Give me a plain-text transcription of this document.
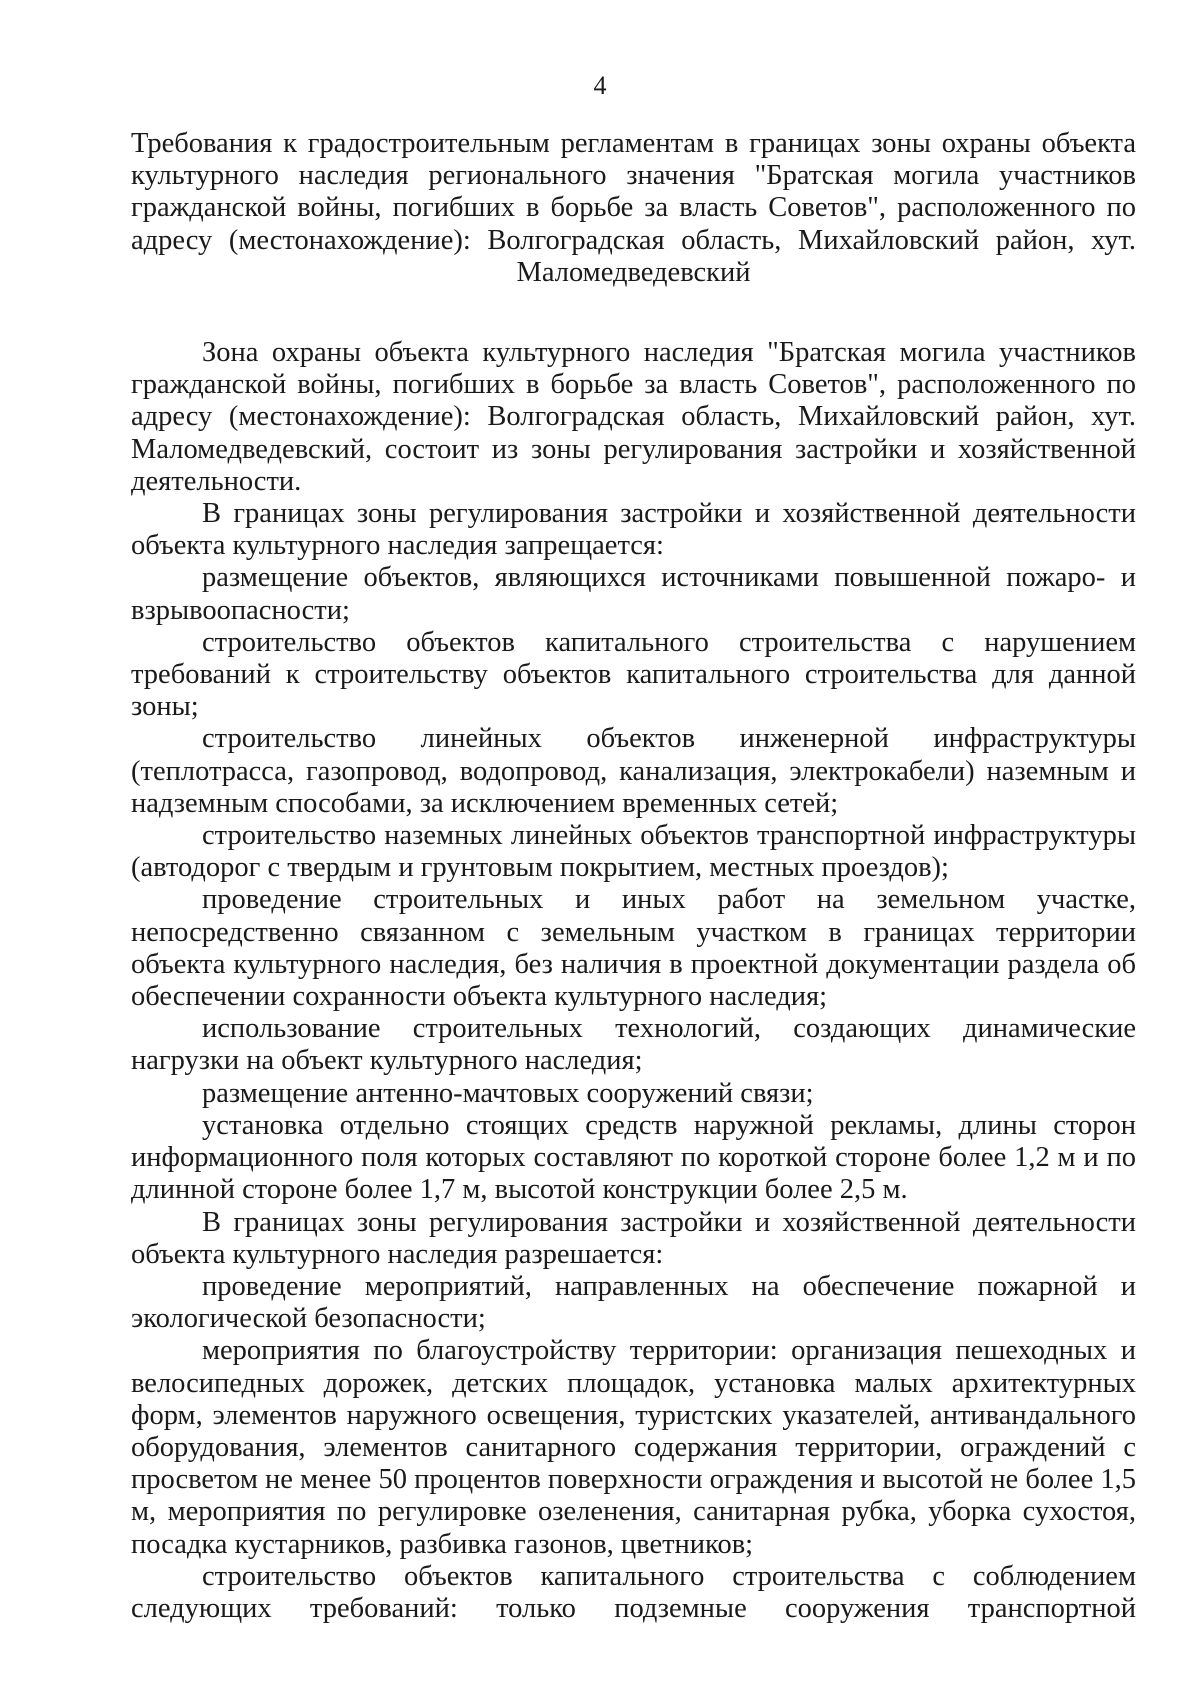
4

Требования к градостроительным регламентам в границах зоны охраны объекта культурного наследия регионального значения "Братская могила участников гражданской войны, погибших в борьбе за власть Советов", расположенного по адресу (местонахождение): Волгоградская область, Михайловский район, хут. Маломедведевский

Зона охраны объекта культурного наследия "Братская могила участников гражданской войны, погибших в борьбе за власть Советов", расположенного по адресу (местонахождение): Волгоградская область, Михайловский район, хут. Маломедведевский, состоит из зоны регулирования застройки и хозяйственной деятельности.

В границах зоны регулирования застройки и хозяйственной деятельности объекта культурного наследия запрещается:

размещение объектов, являющихся источниками повышенной пожаро- и взрывоопасности;

строительство объектов капитального строительства с нарушением требований к строительству объектов капитального строительства для данной зоны;

строительство линейных объектов инженерной инфраструктуры (теплотрасса, газопровод, водопровод, канализация, электрокабели) наземным и надземным способами, за исключением временных сетей;

строительство наземных линейных объектов транспортной инфраструктуры (автодорог с твердым и грунтовым покрытием, местных проездов);

проведение строительных и иных работ на земельном участке, непосредственно связанном с земельным участком в границах территории объекта культурного наследия, без наличия в проектной документации раздела об обеспечении сохранности объекта культурного наследия;

использование строительных технологий, создающих динамические нагрузки на объект культурного наследия;

размещение антенно-мачтовых сооружений связи;

установка отдельно стоящих средств наружной рекламы, длины сторон информационного поля которых составляют по короткой стороне более 1,2 м и по длинной стороне более 1,7 м, высотой конструкции более 2,5 м.

В границах зоны регулирования застройки и хозяйственной деятельности объекта культурного наследия разрешается:

проведение мероприятий, направленных на обеспечение пожарной и экологической безопасности;

мероприятия по благоустройству территории: организация пешеходных и велосипедных дорожек, детских площадок, установка малых архитектурных форм, элементов наружного освещения, туристских указателей, антивандального оборудования, элементов санитарного содержания территории, ограждений с просветом не менее 50 процентов поверхности ограждения и высотой не более 1,5 м, мероприятия по регулировке озеленения, санитарная рубка, уборка сухостоя, посадка кустарников, разбивка газонов, цветников;

строительство объектов капитального строительства с соблюдением следующих требований: только подземные сооружения транспортной
